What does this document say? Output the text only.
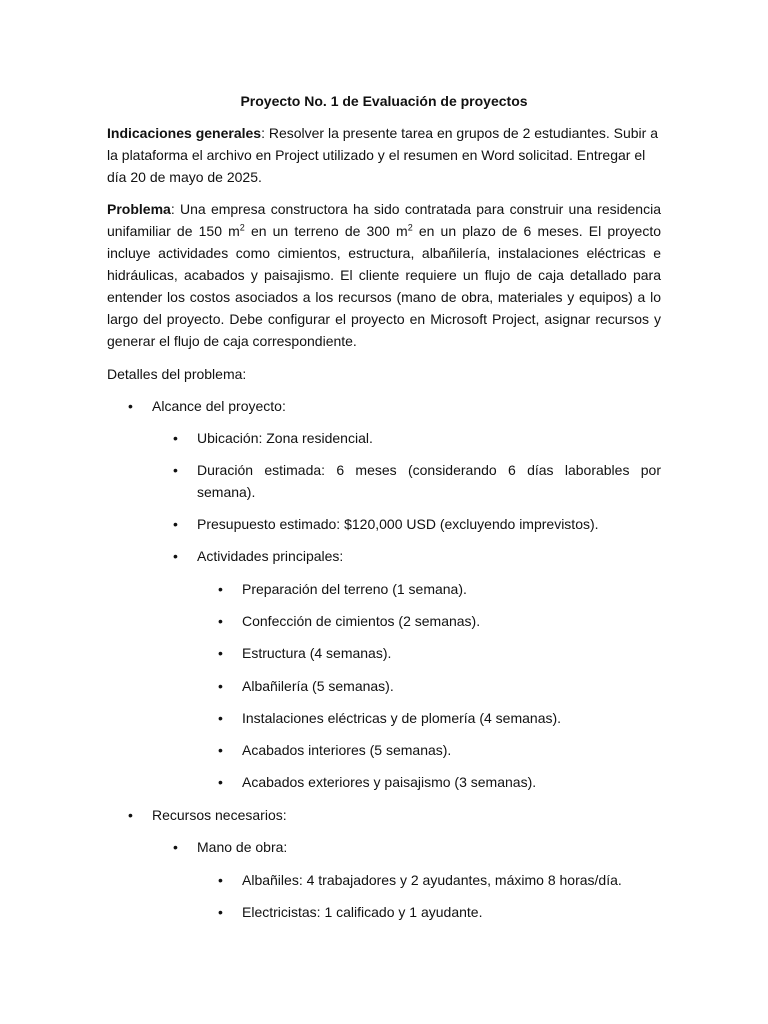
Proyecto No. 1 de Evaluación de proyectos

Indicaciones generales: Resolver la presente tarea en grupos de 2 estudiantes. Subir a la plataforma el archivo en Project utilizado y el resumen en Word solicitad. Entregar el día 20 de mayo de 2025.

Problema: Una empresa constructora ha sido contratada para construir una residencia unifamiliar de 150 $m^2$ en un terreno de 300 $m^2$ en un plazo de 6 meses. El proyecto incluye actividades como cimientos, estructura, albañilería, instalaciones eléctricas e hidráulicas, acabados y paisajismo. El cliente requiere un flujo de caja detallado para entender los costos asociados a los recursos (mano de obra, materiales y equipos) a lo largo del proyecto. Debe configurar el proyecto en Microsoft Project, asignar recursos y generar el flujo de caja correspondiente.

Detalles del problema:

• Alcance del proyecto:
• Ubicación: Zona residencial.
• Duración estimada: 6 meses (considerando 6 días laborables por semana).
• Presupuesto estimado: $120,000 USD (excluyendo imprevistos).
• Actividades principales:
• Preparación del terreno (1 semana).
• Confección de cimientos (2 semanas).
• Estructura (4 semanas).
• Albañilería (5 semanas).
• Instalaciones eléctricas y de plomería (4 semanas).
• Acabados interiores (5 semanas).
• Acabados exteriores y paisajismo (3 semanas).
• Recursos necesarios:
• Mano de obra:
• Albañiles: 4 trabajadores y 2 ayudantes, máximo 8 horas/día.
• Electricistas: 1 calificado y 1 ayudante.
